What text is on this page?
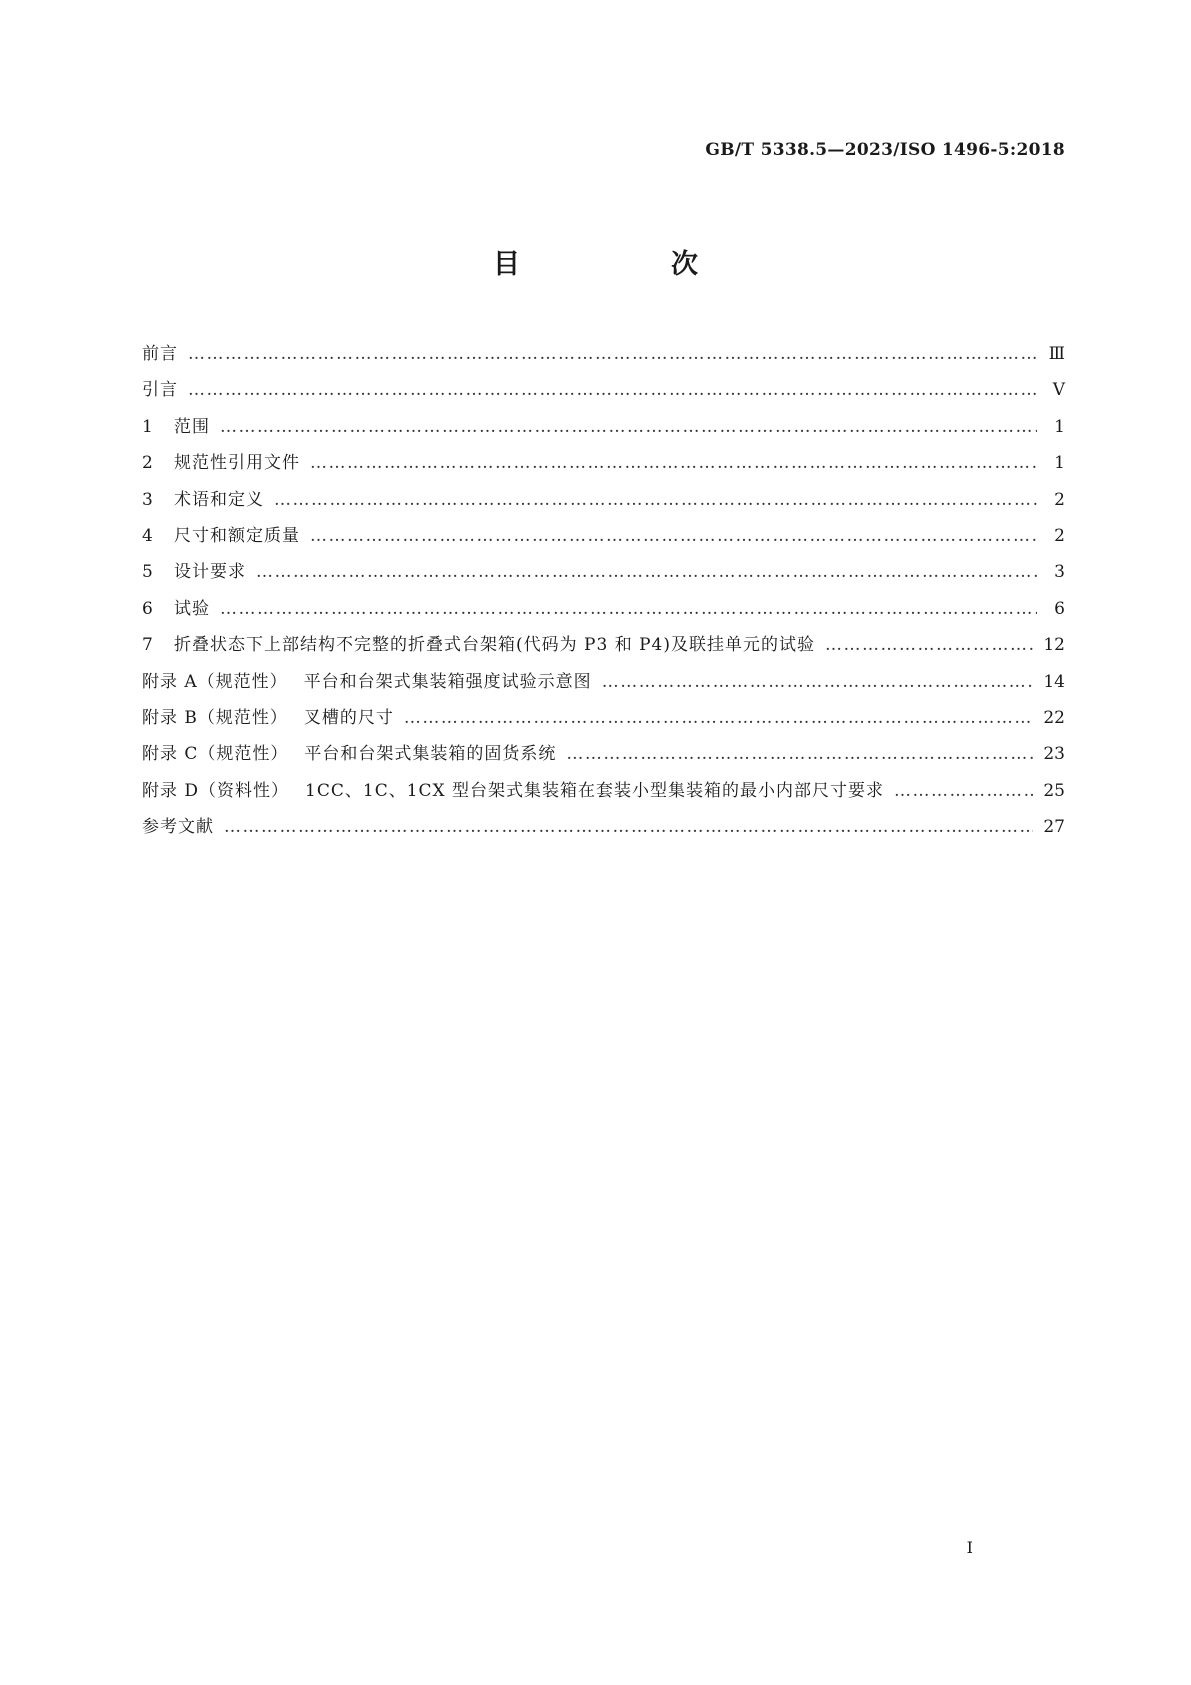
GB/T 5338.5—2023/ISO 1496-5:2018
目　次
前言 …………………………………………………………………………………………………………………………………………………………………………………………………………	Ⅲ
引言 …………………………………………………………………………………………………………………………………………………………………………………………………………	Ⅴ
1	范围 …………………………………………………………………………………………………………………………………………………………………………………………………………	1
2	规范性引用文件 …………………………………………………………………………………………………………………………………………………………………………………………………………	1
3	术语和定义 …………………………………………………………………………………………………………………………………………………………………………………………………………	2
4	尺寸和额定质量 …………………………………………………………………………………………………………………………………………………………………………………………………………	2
5	设计要求 …………………………………………………………………………………………………………………………………………………………………………………………………………	3
6	试验 …………………………………………………………………………………………………………………………………………………………………………………………………………	6
7	折叠状态下上部结构不完整的折叠式台架箱(代码为 P3 和 P4)及联挂单元的试验 …………………………………………………………………………………………………………………………………………………………………………………………………………	12
附录 A（规范性） 平台和台架式集装箱强度试验示意图 …………………………………………………………………………………………………………………………………………………………………………………………………………	14
附录 B（规范性） 叉槽的尺寸 …………………………………………………………………………………………………………………………………………………………………………………………………………	22
附录 C（规范性） 平台和台架式集装箱的固货系统 …………………………………………………………………………………………………………………………………………………………………………………………………………	23
附录 D（资料性） 1CC、1C、1CX 型台架式集装箱在套装小型集装箱的最小内部尺寸要求 …………………………………………………………………………………………………………………………………………………………………………………………………………	25
参考文献 …………………………………………………………………………………………………………………………………………………………………………………………………………	27
I
